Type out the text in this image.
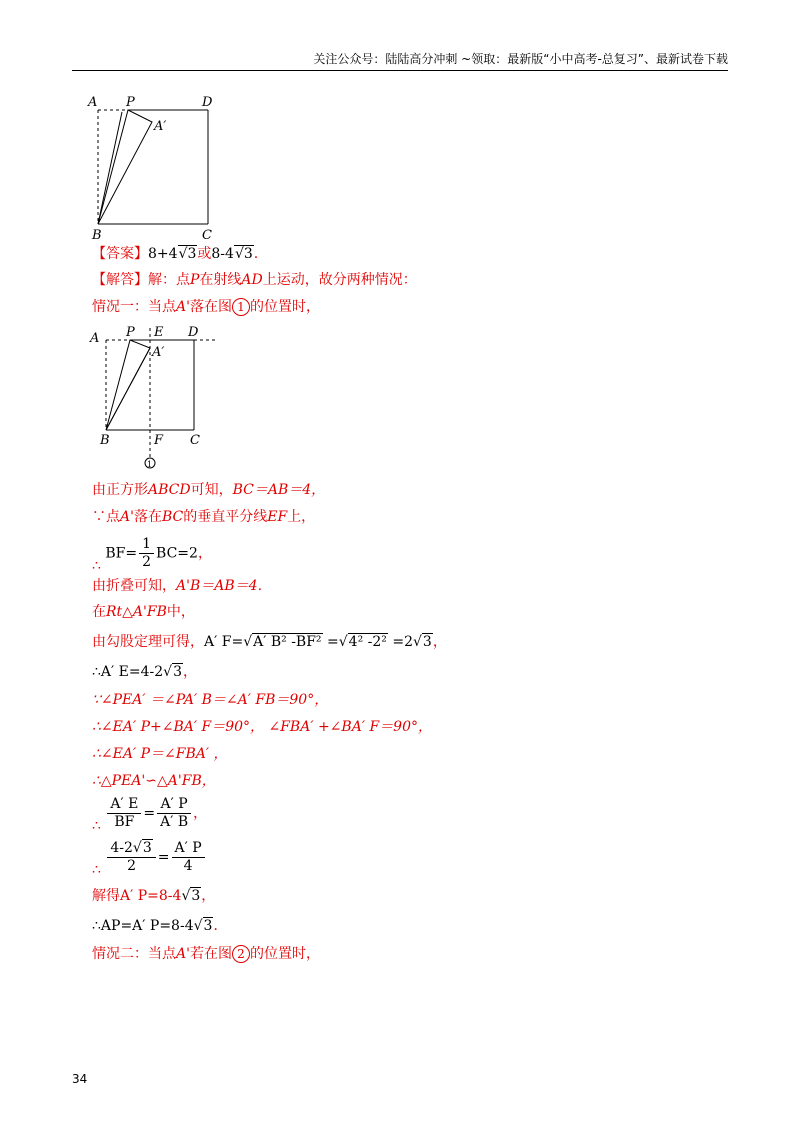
关注公众号：陆陆高分冲刺 ~领取：最新版“小中高考-总复习”、最新试卷下载
A P	D
A′
B	C
【答案】8+4√3或8-4√3.
【解答】解：点P在射线AD上运动，故分两种情况：
情况一：当点A'落在图 1 的位置时，
A P E D
A′
B	F C
1
由正方形ABCD可知，BC＝AB＝4，
∵点A'落在BC的垂直平分线EF上，
∴ $BF= \frac{1}{2} BC=2$，
由折叠可知，A'B＝AB＝4．
在Rt△A'FB中，
由勾股定理可得，A′ F=√A′ B² -BF² =√4² -2² =2√3，
∴A′ E=4-2√3，
∵∠PEA′ ＝∠PA′ B＝∠A′ FB＝90°，
∴∠EA′ P+∠BA′ F＝90°， ∠FBA′ +∠BA′ F＝90°，
∴∠EA′ P＝∠FBA′ ，
∴△PEA'∽△A'FB，
∴ $\frac{A' E}{BF} = \frac{A' P}{A' B}$ ，
∴ $\frac{4-2√3}{2} = \frac{A' P}{4}$
解得A′ P=8-4√3，
∴AP=A′ P=8-4√3．
情况二：当点A'若在图 2 的位置时，
34
